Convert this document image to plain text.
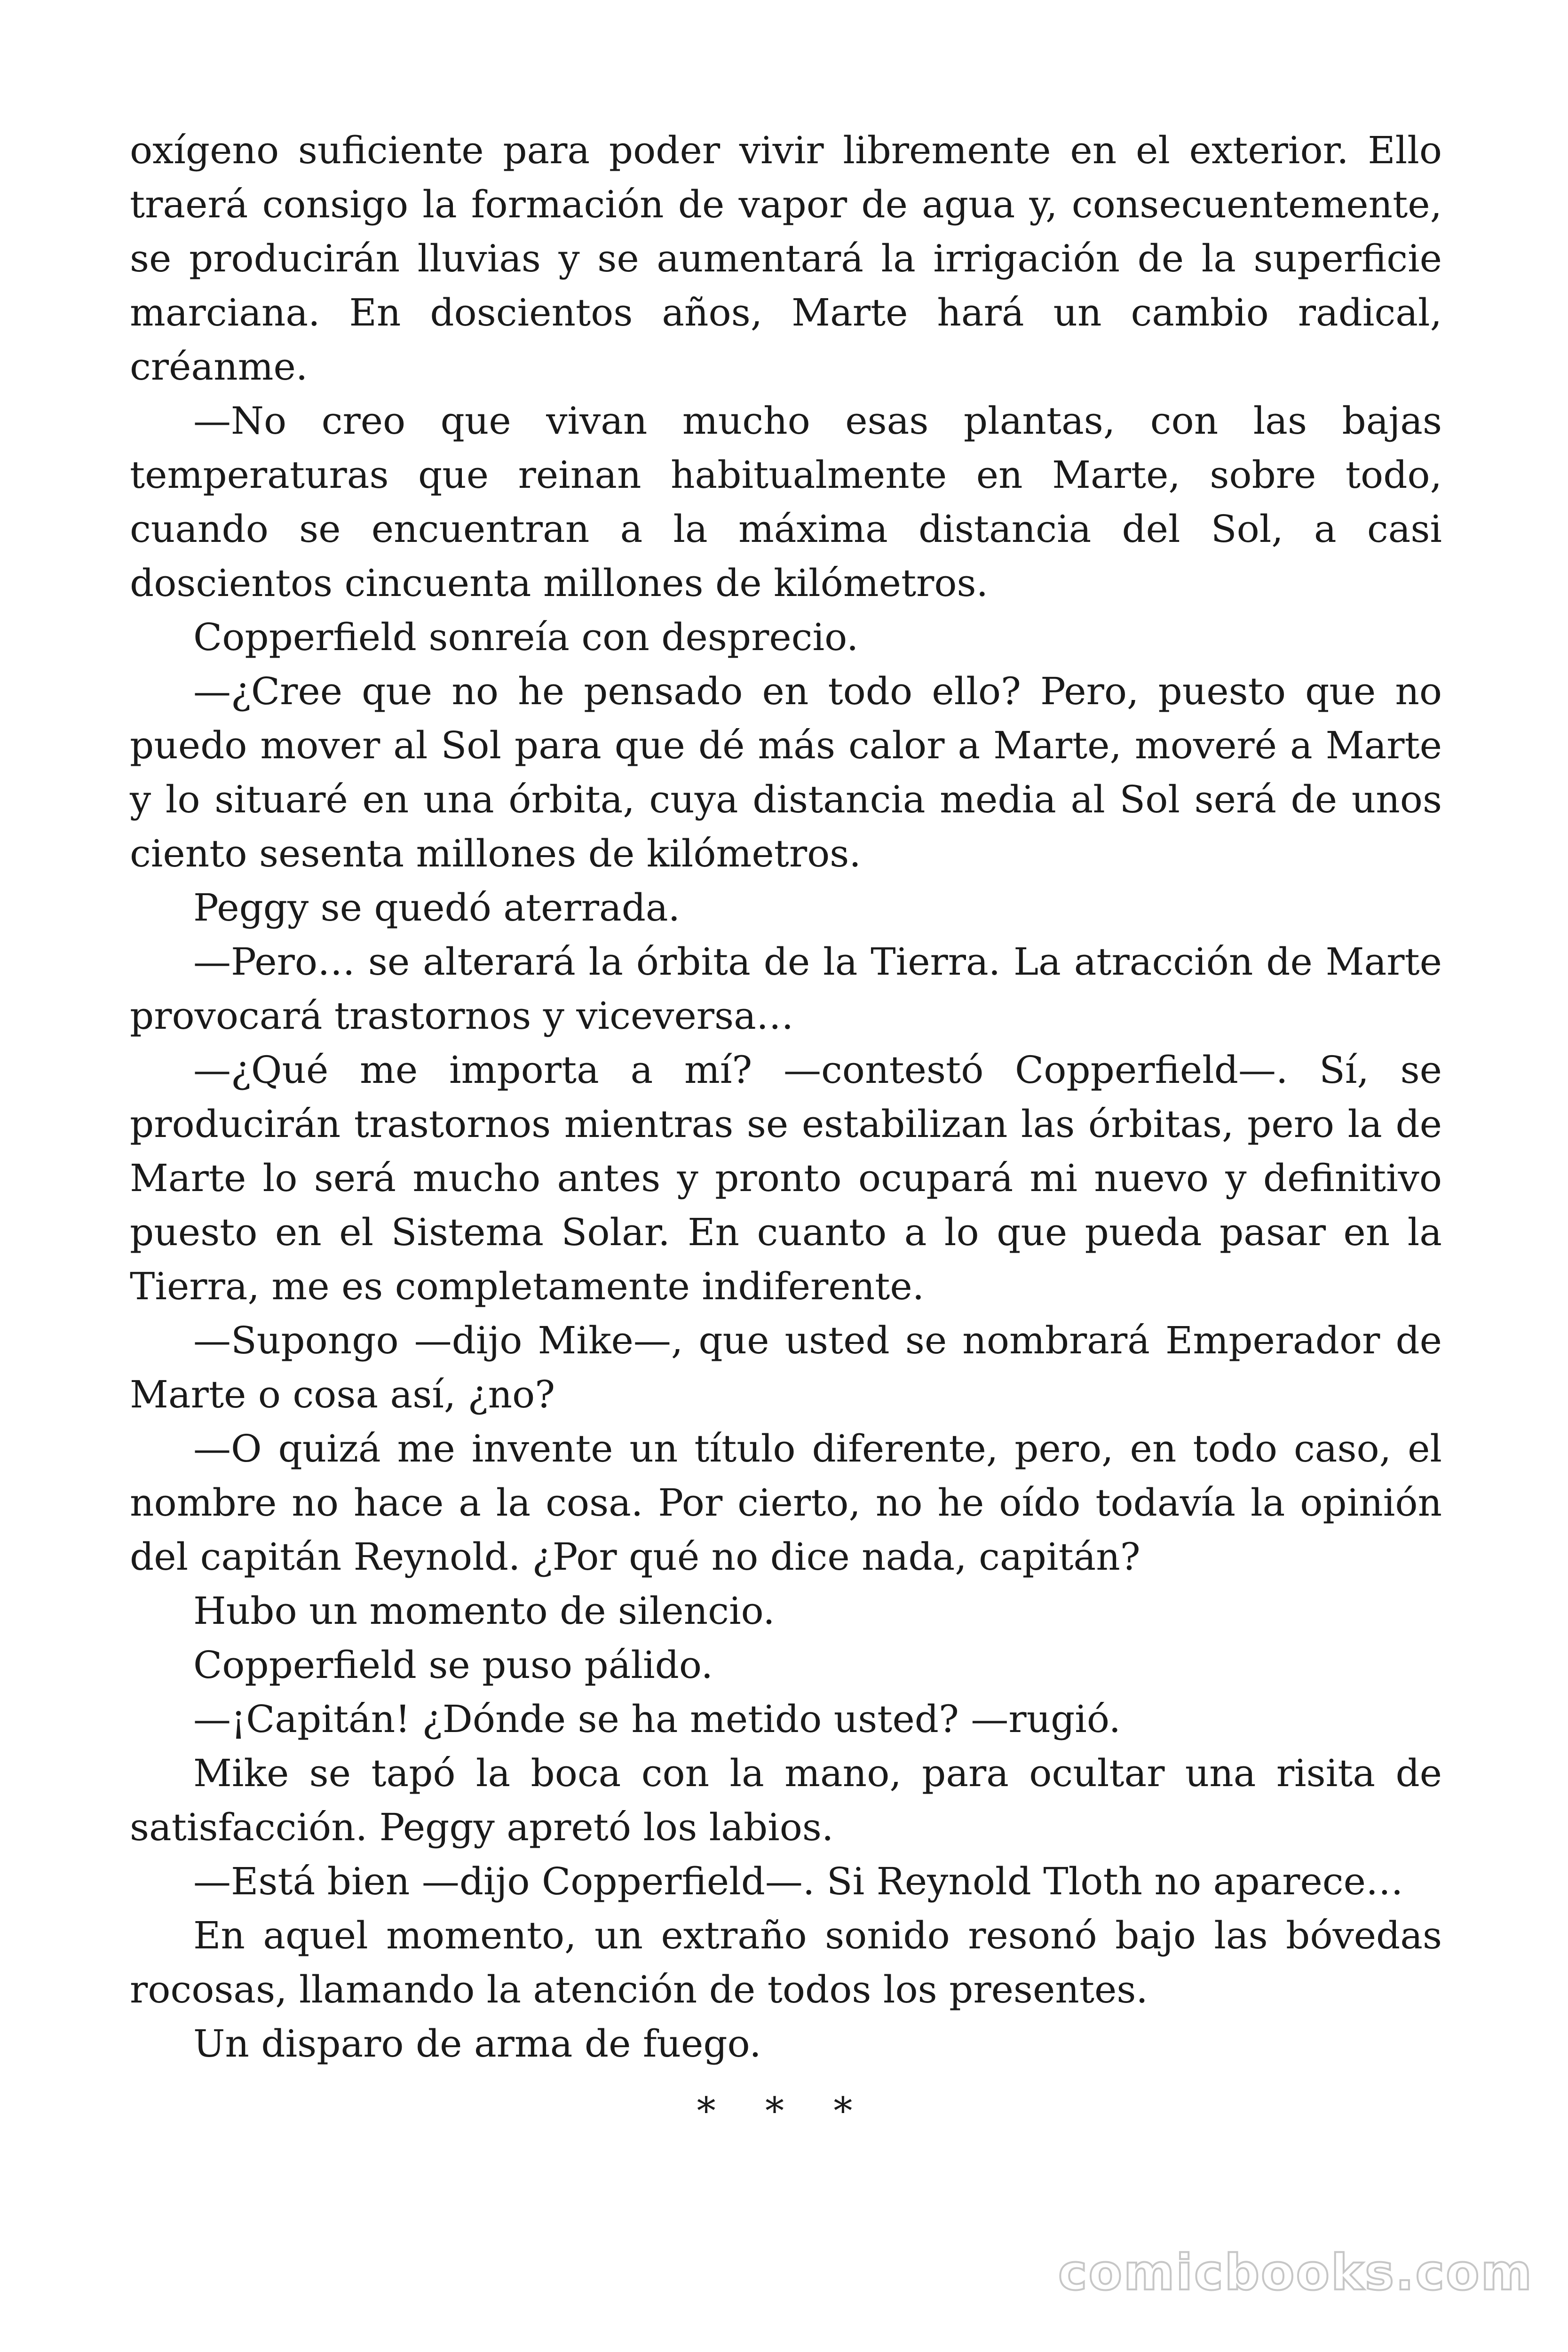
oxígeno suficiente para poder vivir libremente en el exterior. Ello traerá consigo la formación de vapor de agua y, consecuentemente, se producirán lluvias y se aumentará la irrigación de la superficie marciana. En doscientos años, Marte hará un cambio radical, créanme.

—No creo que vivan mucho esas plantas, con las bajas temperaturas que reinan habitualmente en Marte, sobre todo, cuando se encuentran a la máxima distancia del Sol, a casi doscientos cincuenta millones de kilómetros.

Copperfield sonreía con desprecio.

—¿Cree que no he pensado en todo ello? Pero, puesto que no puedo mover al Sol para que dé más calor a Marte, moveré a Marte y lo situaré en una órbita, cuya distancia media al Sol será de unos ciento sesenta millones de kilómetros.

Peggy se quedó aterrada.

—Pero… se alterará la órbita de la Tierra. La atracción de Marte provocará trastornos y viceversa…

—¿Qué me importa a mí? —contestó Copperfield—. Sí, se producirán trastornos mientras se estabilizan las órbitas, pero la de Marte lo será mucho antes y pronto ocupará mi nuevo y definitivo puesto en el Sistema Solar. En cuanto a lo que pueda pasar en la Tierra, me es completamente indiferente.

—Supongo —dijo Mike—, que usted se nombrará Emperador de Marte o cosa así, ¿no?

—O quizá me invente un título diferente, pero, en todo caso, el nombre no hace a la cosa. Por cierto, no he oído todavía la opinión del capitán Reynold. ¿Por qué no dice nada, capitán?

Hubo un momento de silencio.

Copperfield se puso pálido.

—¡Capitán! ¿Dónde se ha metido usted? —rugió.

Mike se tapó la boca con la mano, para ocultar una risita de satisfacción. Peggy apretó los labios.

—Está bien —dijo Copperfield—. Si Reynold Tloth no aparece…

En aquel momento, un extraño sonido resonó bajo las bóvedas rocosas, llamando la atención de todos los presentes.

Un disparo de arma de fuego.

* * *
comicbooks.com
